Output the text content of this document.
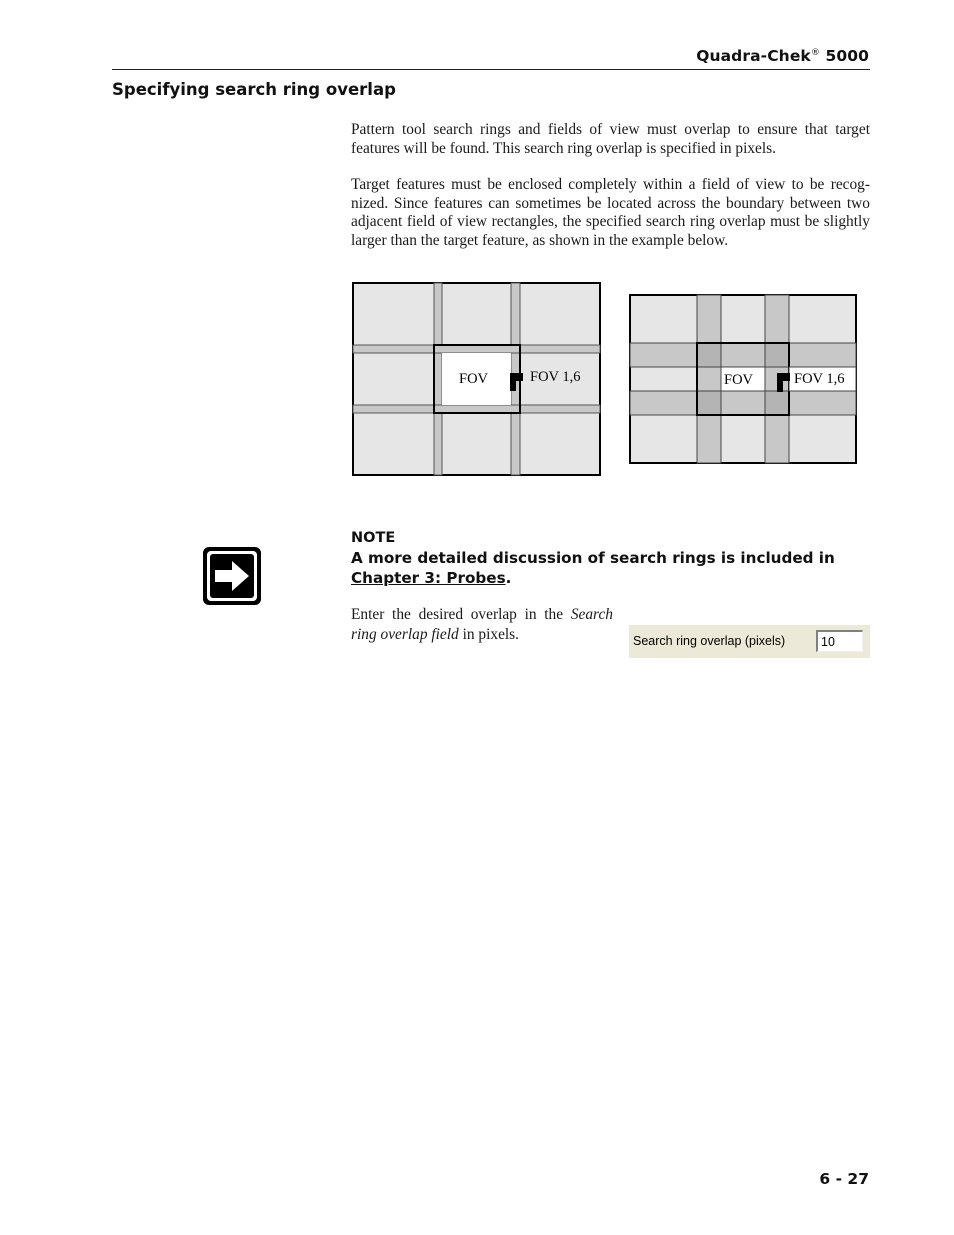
Quadra-Chek® 5000
Specifying search ring overlap

Pattern tool search rings and fields of view must overlap to ensure that target features will be found. This search ring overlap is specified in pixels.

Target features must be enclosed completely within a field of view to be recog-nized. Since features can sometimes be located across the boundary between two adjacent field of view rectangles, the specified search ring overlap must be slightly larger than the target feature, as shown in the example below.

FOV	FOV 1,6	FOV	FOV 1,6
NOTE
A more detailed discussion of search rings is included in
Chapter 3: Probes.

Enter the desired overlap in the Search ring overlap field in pixels.	Search ring overlap (pixels)	10
6 - 27
